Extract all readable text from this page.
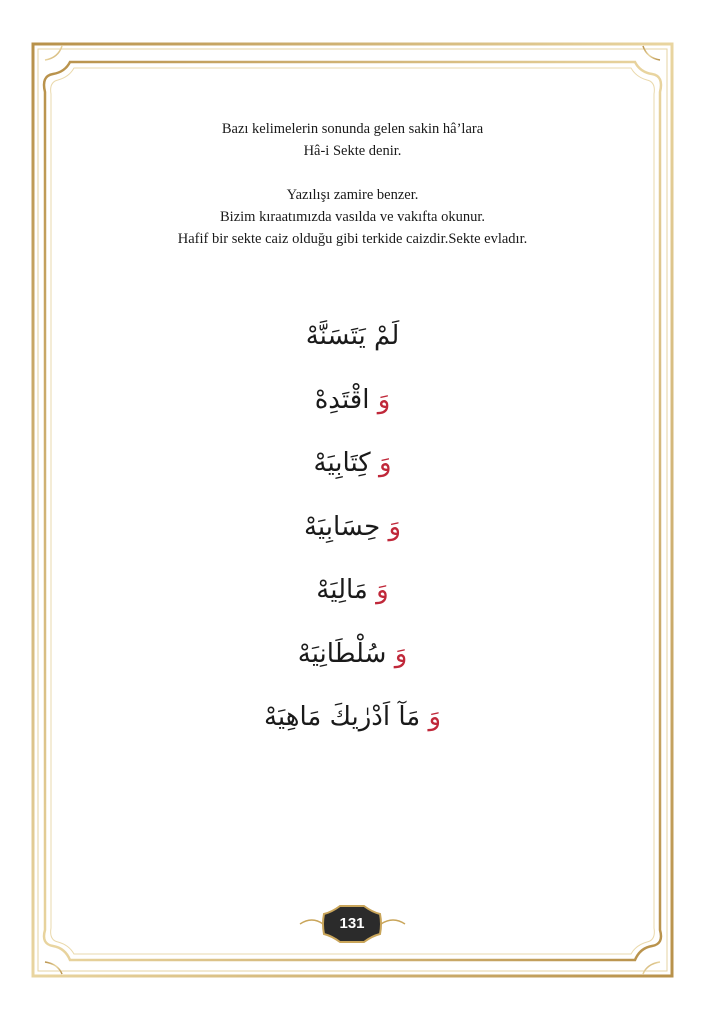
Bazı kelimelerin sonunda gelen sakin hâ’lara

Hâ-i Sekte denir.

Yazılışı zamire benzer.

Bizim kıraatımızda vasılda ve vakıfta okunur.

Hafif bir sekte caiz olduğu gibi terkide caizdir.Sekte evladır.

لَمْ يَتَسَنَّهْ
وَ اقْتَدِهْ
وَ كِتَابِيَهْ
وَ حِسَابِيَهْ
وَ مَالِيَهْ
وَ سُلْطَانِيَهْ
وَ مَآ اَدْرٰيكَ مَاهِيَهْ
131
